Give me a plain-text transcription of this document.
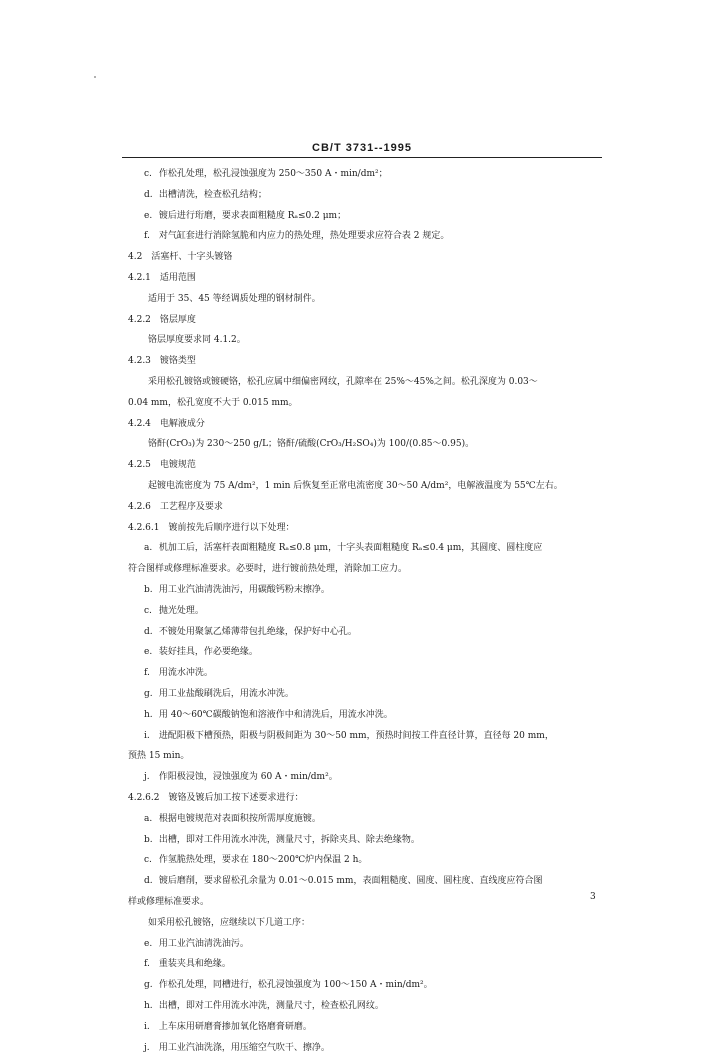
CB/T 3731--1995
c. 作松孔处理，松孔浸蚀强度为 250～350 A・min/dm²；
d. 出槽清洗，检查松孔结构；
e. 镀后进行珩磨，要求表面粗糙度 Rₐ≤0.2 μm；
f. 对气缸套进行消除氢脆和内应力的热处理，热处理要求应符合表 2 规定。
4.2　活塞杆、十字头镀铬
4.2.1　适用范围
适用于 35、45 等经调质处理的钢材制件。
4.2.2　铬层厚度
铬层厚度要求同 4.1.2。
4.2.3　镀铬类型
采用松孔镀铬或镀硬铬，松孔应属中细偏密网纹，孔隙率在 25%～45%之间。松孔深度为 0.03～
0.04 mm，松孔宽度不大于 0.015 mm。
4.2.4　电解液成分
铬酐(CrO₃)为 230～250 g/L；铬酐/硫酸(CrO₃/H₂SO₄)为 100/(0.85～0.95)。
4.2.5　电镀规范
起镀电流密度为 75 A/dm²，1 min 后恢复至正常电流密度 30～50 A/dm²，电解液温度为 55℃左右。
4.2.6　工艺程序及要求
4.2.6.1　镀前按先后顺序进行以下处理：
a. 机加工后，活塞杆表面粗糙度 Rₐ≤0.8 μm，十字头表面粗糙度 Rₐ≤0.4 μm，其圆度、圆柱度应
符合图样或修理标准要求。必要时，进行镀前热处理，消除加工应力。
b. 用工业汽油清洗油污，用碳酸钙粉末擦净。
c. 抛光处理。
d. 不镀处用聚氯乙烯薄带包扎绝缘，保护好中心孔。
e. 装好挂具，作必要绝缘。
f. 用流水冲洗。
g. 用工业盐酸刷洗后，用流水冲洗。
h. 用 40～60℃碳酸钠饱和溶液作中和清洗后，用流水冲洗。
i. 进配阳极下槽预热，阳极与阴极间距为 30～50 mm，预热时间按工件直径计算，直径每 20 mm，
预热 15 min。
j. 作阳极浸蚀，浸蚀强度为 60 A・min/dm²。
4.2.6.2　镀铬及镀后加工按下述要求进行：
a. 根据电镀规范对表面积按所需厚度施镀。
b. 出槽，即对工件用流水冲洗，测量尺寸，拆除夹具、除去绝缘物。
c. 作氢脆热处理，要求在 180～200℃炉内保温 2 h。
d. 镀后磨削，要求留松孔余量为 0.01～0.015 mm，表面粗糙度、圆度、圆柱度、直线度应符合图
样或修理标准要求。
如采用松孔镀铬，应继续以下几道工序：
e. 用工业汽油清洗油污。
f. 重装夹具和绝缘。
g. 作松孔处理，同槽进行，松孔浸蚀强度为 100～150 A・min/dm²。
h. 出槽，即对工件用流水冲洗，测量尺寸，检查松孔网纹。
i. 上车床用研磨膏掺加氧化铬磨膏研磨。
j. 用工业汽油洗涤，用压缩空气吹干、擦净。
3
